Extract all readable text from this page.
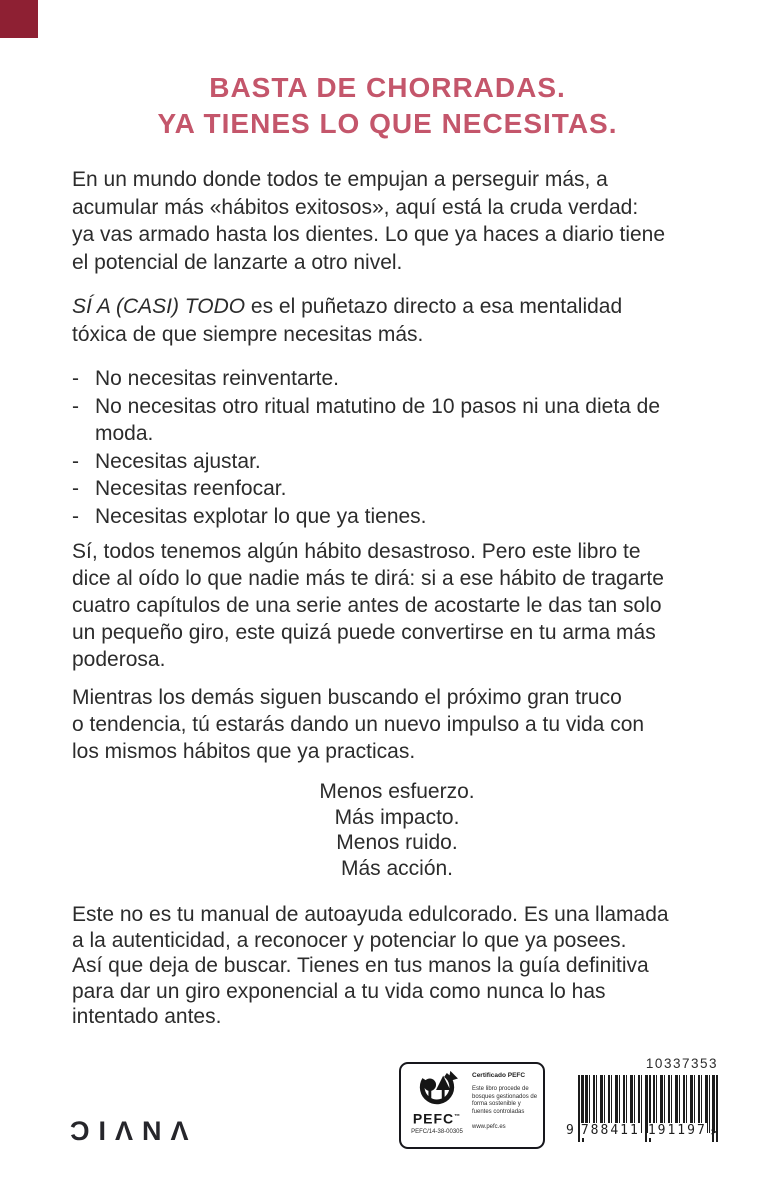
BASTA DE CHORRADAS.
YA TIENES LO QUE NECESITAS.
En un mundo donde todos te empujan a perseguir más, a
acumular más «hábitos exitosos», aquí está la cruda verdad:
ya vas armado hasta los dientes. Lo que ya haces a diario tiene
el potencial de lanzarte a otro nivel.
SÍ A (CASI) TODO es el puñetazo directo a esa mentalidad
tóxica de que siempre necesitas más.
- No necesitas reinventarte.
- No necesitas otro ritual matutino de 10 pasos ni una dieta de
moda.
- Necesitas ajustar.
- Necesitas reenfocar.
- Necesitas explotar lo que ya tienes.
Sí, todos tenemos algún hábito desastroso. Pero este libro te
dice al oído lo que nadie más te dirá: si a ese hábito de tragarte
cuatro capítulos de una serie antes de acostarte le das tan solo
un pequeño giro, este quizá puede convertirse en tu arma más
poderosa.
Mientras los demás siguen buscando el próximo gran truco
o tendencia, tú estarás dando un nuevo impulso a tu vida con
los mismos hábitos que ya practicas.
Menos esfuerzo.
Más impacto.
Menos ruido.
Más acción.
Este no es tu manual de autoayuda edulcorado. Es una llamada
a la autenticidad, a reconocer y potenciar lo que ya posees.
Así que deja de buscar. Tienes en tus manos la guía definitiva
para dar un giro exponencial a tu vida como nunca lo has
intentado antes.
ƆIΛNΛ	PEFC™
PEFC/14-38-00305
Certificado PEFC
Este libro procede de bosques gestionados de forma sostenible y fuentes controladas
www.pefc.es
10337353
9 788411 191197 >
